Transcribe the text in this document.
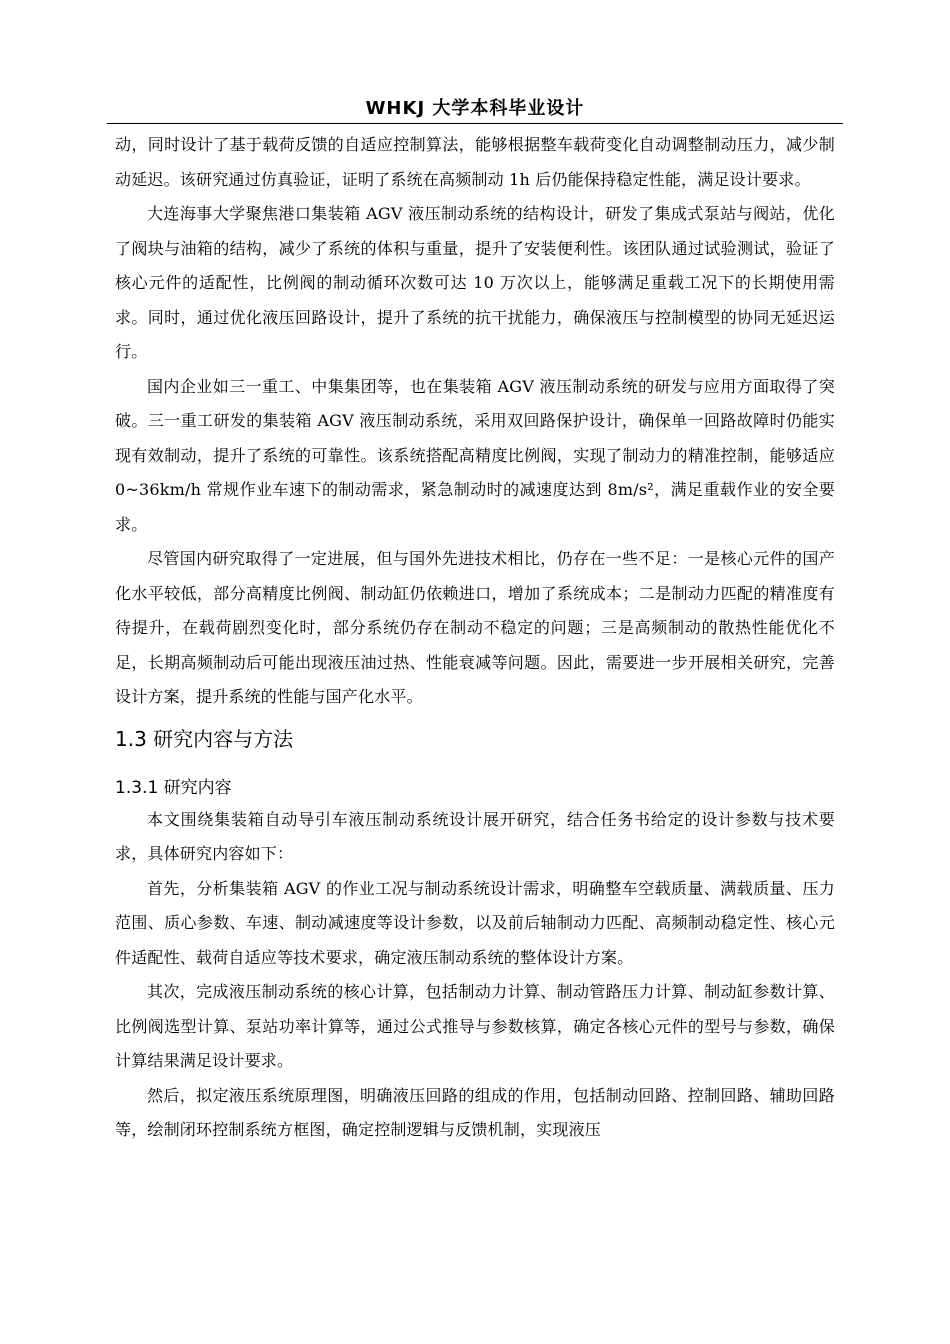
WHKJ 大学本科毕业设计

动，同时设计了基于载荷反馈的自适应控制算法，能够根据整车载荷变化自动调整制动压力，减少制动延迟。该研究通过仿真验证，证明了系统在高频制动 1h 后仍能保持稳定性能，满足设计要求。

大连海事大学聚焦港口集装箱 AGV 液压制动系统的结构设计，研发了集成式泵站与阀站，优化了阀块与油箱的结构，减少了系统的体积与重量，提升了安装便利性。该团队通过试验测试，验证了核心元件的适配性，比例阀的制动循环次数可达 10 万次以上，能够满足重载工况下的长期使用需求。同时，通过优化液压回路设计，提升了系统的抗干扰能力，确保液压与控制模型的协同无延迟运行。

国内企业如三一重工、中集集团等，也在集装箱 AGV 液压制动系统的研发与应用方面取得了突破。三一重工研发的集装箱 AGV 液压制动系统，采用双回路保护设计，确保单一回路故障时仍能实现有效制动，提升了系统的可靠性。该系统搭配高精度比例阀，实现了制动力的精准控制，能够适应 0~36km/h 常规作业车速下的制动需求，紧急制动时的减速度达到 8m/s²，满足重载作业的安全要求。

尽管国内研究取得了一定进展，但与国外先进技术相比，仍存在一些不足：一是核心元件的国产化水平较低，部分高精度比例阀、制动缸仍依赖进口，增加了系统成本；二是制动力匹配的精准度有待提升，在载荷剧烈变化时，部分系统仍存在制动不稳定的问题；三是高频制动的散热性能优化不足，长期高频制动后可能出现液压油过热、性能衰减等问题。因此，需要进一步开展相关研究，完善设计方案，提升系统的性能与国产化水平。

1.3 研究内容与方法
1.3.1 研究内容

本文围绕集装箱自动导引车液压制动系统设计展开研究，结合任务书给定的设计参数与技术要求，具体研究内容如下：

首先，分析集装箱 AGV 的作业工况与制动系统设计需求，明确整车空载质量、满载质量、压力范围、质心参数、车速、制动减速度等设计参数，以及前后轴制动力匹配、高频制动稳定性、核心元件适配性、载荷自适应等技术要求，确定液压制动系统的整体设计方案。

其次，完成液压制动系统的核心计算，包括制动力计算、制动管路压力计算、制动缸参数计算、比例阀选型计算、泵站功率计算等，通过公式推导与参数核算，确定各核心元件的型号与参数，确保计算结果满足设计要求。

然后，拟定液压系统原理图，明确液压回路的组成的作用，包括制动回路、控制回路、辅助回路等，绘制闭环控制系统方框图，确定控制逻辑与反馈机制，实现液压
